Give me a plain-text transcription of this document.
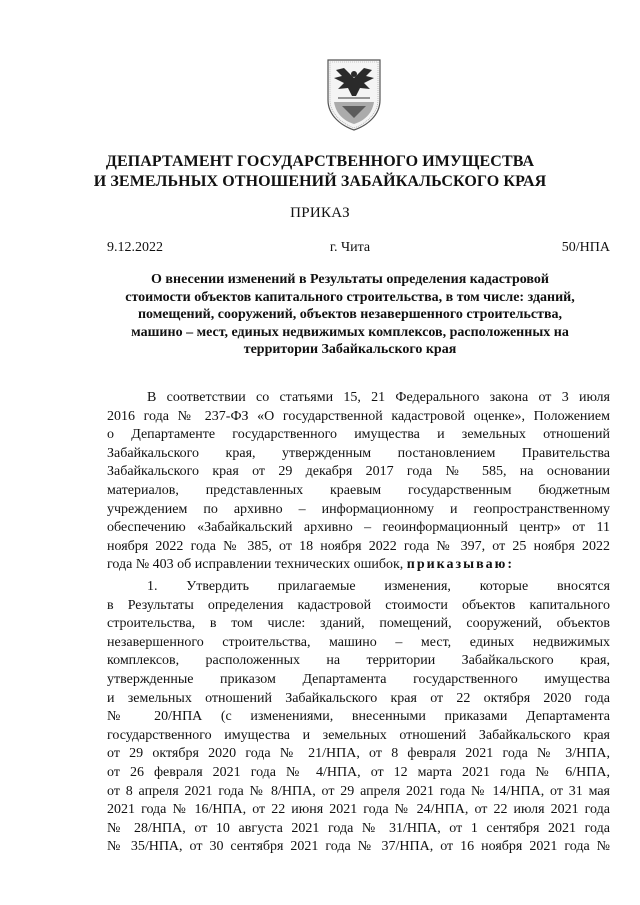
ДЕПАРТАМЕНТ ГОСУДАРСТВЕННОГО ИМУЩЕСТВА
И ЗЕМЕЛЬНЫХ ОТНОШЕНИЙ ЗАБАЙКАЛЬСКОГО КРАЯ
ПРИКАЗ
9.12.2022	г. Чита	50/НПА
О внесении изменений в Результаты определения кадастровой
стоимости объектов капитального строительства, в том числе: зданий,
помещений, сооружений, объектов незавершенного строительства,
машино – мест, единых недвижимых комплексов, расположенных на
территории Забайкальского края
В соответствии со статьями 15, 21 Федерального закона от 3 июля
2016 года № 237-ФЗ «О государственной кадастровой оценке», Положением
о Департаменте государственного имущества и земельных отношений
Забайкальского края, утвержденным постановлением Правительства
Забайкальского края от 29 декабря 2017 года № 585, на основании
материалов, представленных краевым государственным бюджетным
учреждением по архивно – информационному и геопространственному
обеспечению «Забайкальский архивно – геоинформационный центр» от 11
ноября 2022 года № 385, от 18 ноября 2022 года № 397, от 25 ноября 2022
года № 403 об исправлении технических ошибок, приказываю:
1. Утвердить прилагаемые изменения, которые вносятся
в Результаты определения кадастровой стоимости объектов капитального
строительства, в том числе: зданий, помещений, сооружений, объектов
незавершенного строительства, машино – мест, единых недвижимых
комплексов, расположенных на территории Забайкальского края,
утвержденные приказом Департамента государственного имущества
и земельных отношений Забайкальского края от 22 октября 2020 года
№ 20/НПА (с изменениями, внесенными приказами Департамента
государственного имущества и земельных отношений Забайкальского края
от 29 октября 2020 года № 21/НПА, от 8 февраля 2021 года № 3/НПА,
от 26 февраля 2021 года № 4/НПА, от 12 марта 2021 года № 6/НПА,
от 8 апреля 2021 года № 8/НПА, от 29 апреля 2021 года № 14/НПА, от 31 мая
2021 года № 16/НПА, от 22 июня 2021 года № 24/НПА, от 22 июля 2021 года
№ 28/НПА, от 10 августа 2021 года № 31/НПА, от 1 сентября 2021 года
№ 35/НПА, от 30 сентября 2021 года № 37/НПА, от 16 ноября 2021 года №
